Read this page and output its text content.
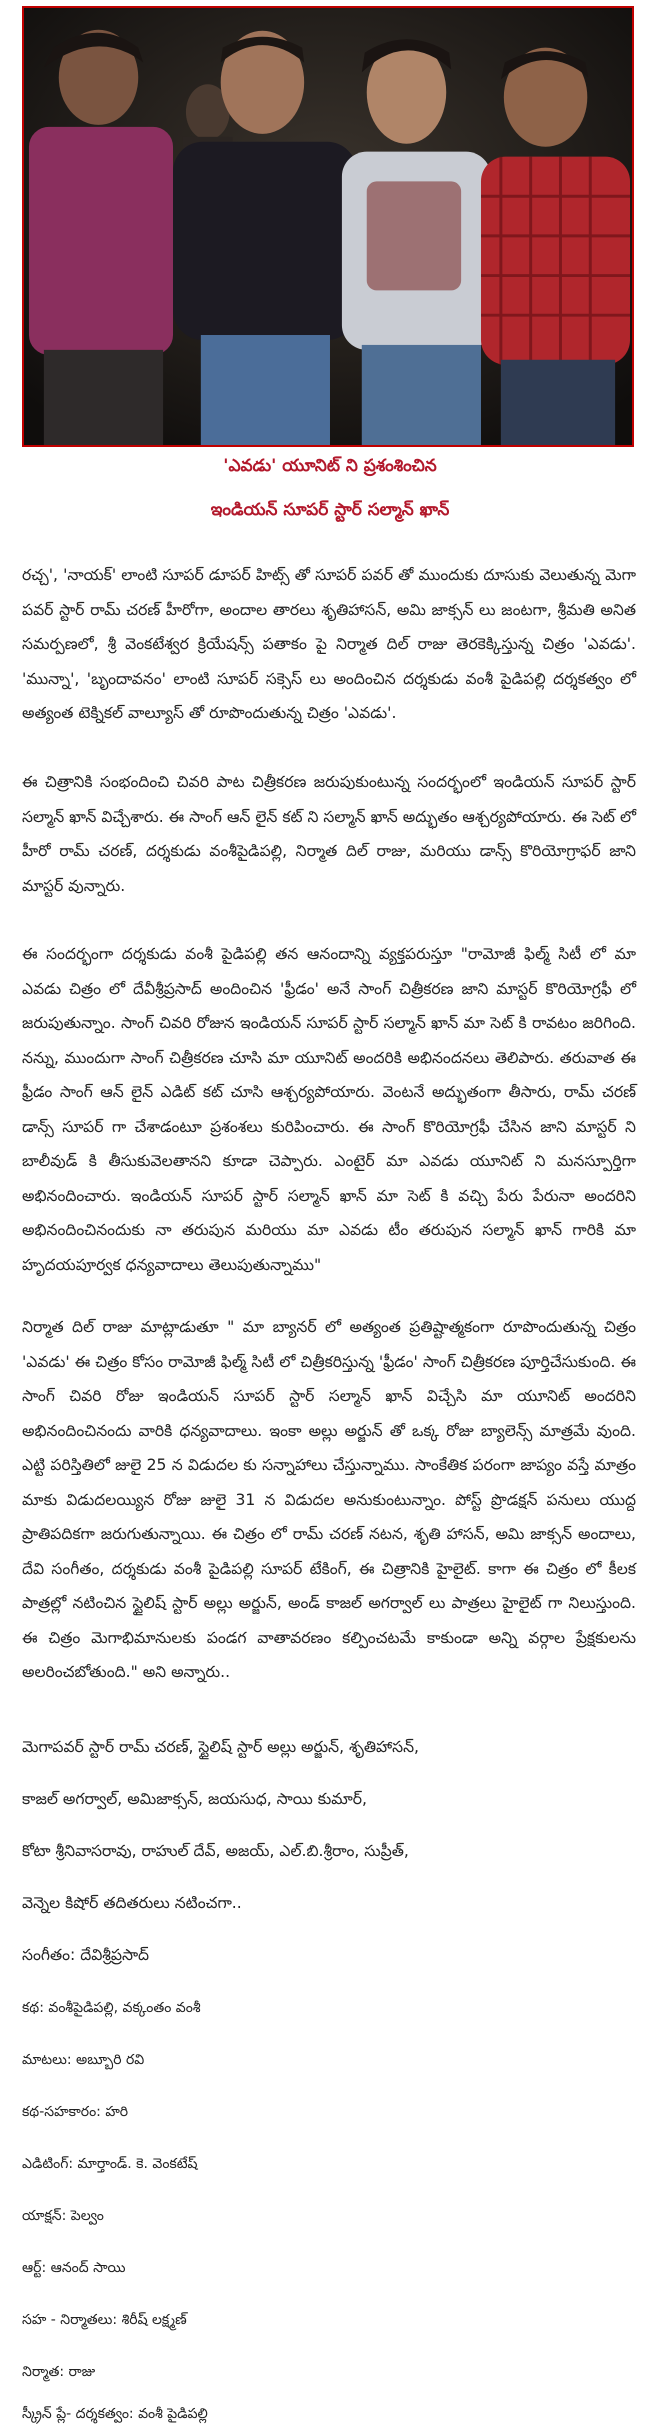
'ఎవడు' యూనిట్ ని ప్రశంశించిన
ఇండియన్ సూపర్ స్టార్ సల్మాన్ ఖాన్

రచ్చ', 'నాయక్' లాంటి సూపర్ డూపర్ హిట్స్ తో సూపర్ పవర్ తో ముందుకు దూసుకు వెలుతున్న మెగా పవర్ స్టార్ రామ్ చరణ్ హీరోగా, అందాల తారలు శృతిహాసన్, అమి జాక్సన్ లు జంటగా, శ్రీమతి అనిత సమర్పణలో, శ్రీ వెంకటేశ్వర క్రియేషన్స్ పతాకం పై నిర్మాత దిల్ రాజు తెరకెక్కిస్తున్న చిత్రం 'ఎవడు'. 'మున్నా', 'బృందావనం' లాంటి సూపర్ సక్సెస్ లు అందించిన దర్శకుడు వంశీ పైడిపల్లి దర్శకత్వం లో అత్యంత టెక్నికల్ వాల్యూస్ తో రూపొందుతున్న చిత్రం 'ఎవడు'.

ఈ చిత్రానికి సంభందించి చివరి పాట చిత్రీకరణ జరుపుకుంటున్న సందర్భంలో ఇండియన్ సూపర్ స్టార్ సల్మాన్ ఖాన్ విచ్చేశారు. ఈ సాంగ్ ఆన్ లైన్ కట్ ని సల్మాన్ ఖాన్ అద్భుతం ఆశ్చర్యపోయారు. ఈ సెట్ లో హీరో రామ్ చరణ్, దర్శకుడు వంశీపైడిపల్లి, నిర్మాత దిల్ రాజు, మరియు డాన్స్ కొరియోగ్రాఫర్ జాని మాస్టర్ వున్నారు.

ఈ సందర్భంగా దర్శకుడు వంశీ పైడిపల్లి తన ఆనందాన్ని వ్యక్తపరుస్తూ "రామోజీ ఫిల్మ్ సిటీ లో మా ఎవడు చిత్రం లో దేవీశ్రీప్రసాద్ అందించిన 'ఫ్రీడం' అనే సాంగ్ చిత్రీకరణ జాని మాస్టర్ కొరియోగ్రఫీ లో జరుపుతున్నాం. సాంగ్ చివరి రోజున ఇండియన్ సూపర్ స్టార్ సల్మాన్ ఖాన్ మా సెట్ కి రావటం జరిగింది. నన్ను, ముందుగా సాంగ్ చిత్రీకరణ చూసి మా యూనిట్ అందరికి అభినందనలు తెలిపారు. తరువాత ఈ ఫ్రీడం సాంగ్ ఆన్ లైన్ ఎడిట్ కట్ చూసి ఆశ్చర్యపోయారు. వెంటనే అద్భుతంగా తీసారు, రామ్ చరణ్ డాన్స్ సూపర్ గా చేశాడంటూ ప్రశంశలు కురిపించారు. ఈ సాంగ్ కొరియోగ్రఫీ చేసిన జాని మాస్టర్ ని బాలీవుడ్ కి తీసుకువెలతానని కూడా చెప్పారు. ఎంటైర్ మా ఎవడు యూనిట్ ని మనస్పూర్తిగా అభినందించారు. ఇండియన్ సూపర్ స్టార్ సల్మాన్ ఖాన్ మా సెట్ కి వచ్చి పేరు పేరునా అందరిని అభినందించినందుకు నా తరుపున మరియు మా ఎవడు టీం తరుపున సల్మాన్ ఖాన్ గారికి మా హృదయపూర్వక ధన్యవాదాలు తెలుపుతున్నాము"

నిర్మాత దిల్ రాజు మాట్లాడుతూ " మా బ్యానర్ లో అత్యంత ప్రతిష్టాత్మకంగా రూపొందుతున్న చిత్రం 'ఎవడు' ఈ చిత్రం కోసం రామోజీ ఫిల్మ్ సిటీ లో చిత్రీకరిస్తున్న 'ఫ్రీడం' సాంగ్ చిత్రీకరణ పూర్తిచేసుకుంది. ఈ సాంగ్ చివరి రోజు ఇండియన్ సూపర్ స్టార్ సల్మాన్ ఖాన్ విచ్చేసి మా యూనిట్ అందరిని అభినందించినందు వారికి ధన్యవాదాలు. ఇంకా అల్లు అర్జున్ తో ఒక్క రోజు బ్యాలెన్స్ మాత్రమే వుంది. ఎట్టి పరిస్తితిలో జులై 25 న విడుదల కు సన్నాహాలు చేస్తున్నాము. సాంకేతిక పరంగా జాప్యం వస్తే మాత్రం మాకు విడుదలయ్యిన రోజు జులై 31 న విడుదల అనుకుంటున్నాం. పోస్ట్ ప్రొడక్షన్ పనులు యుద్ద ప్రాతిపదికగా జరుగుతున్నాయి. ఈ చిత్రం లో రామ్ చరణ్ నటన, శృతి హాసన్, అమి జాక్సన్ అందాలు, దేవి సంగీతం, దర్శకుడు వంశీ పైడిపల్లి సూపర్ టేకింగ్, ఈ చిత్రానికి హైలైట్. కాగా ఈ చిత్రం లో కీలక పాత్రల్లో నటించిన స్టైలిష్ స్టార్ అల్లు అర్జున్, అండ్ కాజల్ అగర్వాల్ లు పాత్రలు హైలైట్ గా నిలుస్తుంది. ఈ చిత్రం మెగాభిమానులకు పండగ వాతావరణం కల్పించటమే కాకుండా అన్ని వర్గాల ప్రేక్షకులను అలరించబోతుంది." అని అన్నారు..

మెగాపవర్ స్టార్ రామ్ చరణ్, స్టైలిష్ స్టార్ అల్లు అర్జున్, శృతిహాసన్,

కాజల్ అగర్వాల్, అమిజాక్సన్, జయసుధ, సాయి కుమార్,

కోటా శ్రీనివాసరావు, రాహుల్ దేవ్, అజయ్, ఎల్.బి.శ్రీరాం, సుప్రీత్,

వెన్నెల కిషోర్ తదితరులు నటించగా..

సంగీతం: దేవిశ్రీప్రసాద్

కథ: వంశీపైడిపల్లి, వక్కంతం వంశీ

మాటలు: అబ్బూరి రవి

కథ-సహకారం: హరి

ఎడిటింగ్: మార్తాండ్. కె. వెంకటేష్

యాక్షన్: పెల్వం

ఆర్ట్: ఆనంద్ సాయి

సహ - నిర్మాతలు: శిరీష్ లక్ష్మణ్

నిర్మాత: రాజు

స్క్రీన్ ప్లే- దర్శకత్వం: వంశీ పైడిపల్లి
